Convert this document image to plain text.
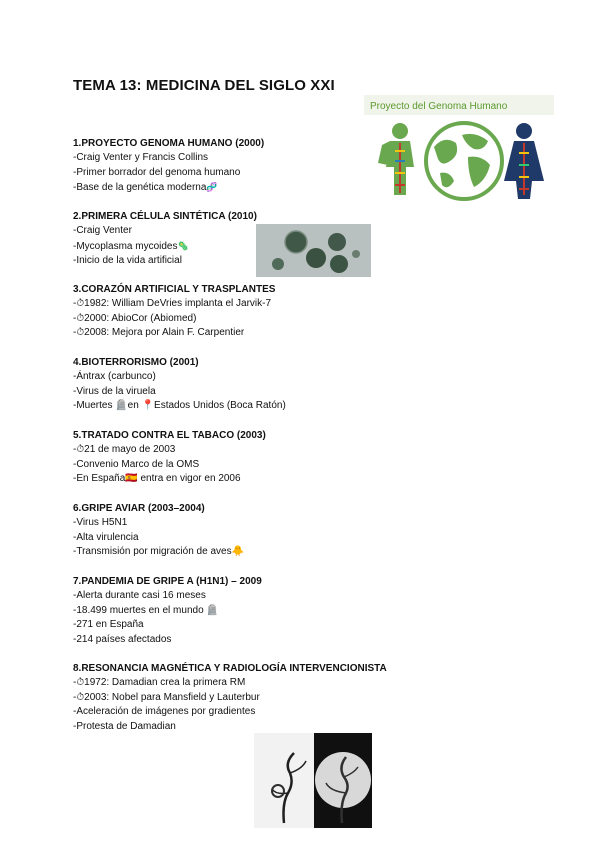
TEMA 13: MEDICINA DEL SIGLO XXI
Proyecto del Genoma Humano
1.PROYECTO GENOMA HUMANO (2000)
-Craig Venter y Francis Collins
-Primer borrador del genoma humano
-Base de la genética moderna🧬
2.PRIMERA CÉLULA SINTÉTICA (2010)
-Craig Venter
-Mycoplasma mycoides🦠
-Inicio de la vida artificial
3.CORAZÓN ARTIFICIAL Y TRASPLANTES
-⏱1982: William DeVries implanta el Jarvik-7
-⏱2000: AbioCor (Abiomed)
-⏱2008: Mejora por Alain F. Carpentier
4.BIOTERRORISMO (2001)
-Ántrax (carbunco)
-Virus de la viruela
-Muertes 🪦en 📍Estados Unidos (Boca Ratón)
5.TRATADO CONTRA EL TABACO (2003)
-⏱21 de mayo de 2003
-Convenio Marco de la OMS
-En España🇪🇸 entra en vigor en 2006
6.GRIPE AVIAR (2003–2004)
-Virus H5N1
-Alta virulencia
-Transmisión por migración de aves🐥
7.PANDEMIA DE GRIPE A (H1N1) – 2009
-Alerta durante casi 16 meses
-18.499 muertes en el mundo 🪦
-271 en España
-214 países afectados
8.RESONANCIA MAGNÉTICA Y RADIOLOGÍA INTERVENCIONISTA
-⏱1972: Damadian crea la primera RM
-⏱2003: Nobel para Mansfield y Lauterbur
-Aceleración de imágenes por gradientes
-Protesta de Damadian
